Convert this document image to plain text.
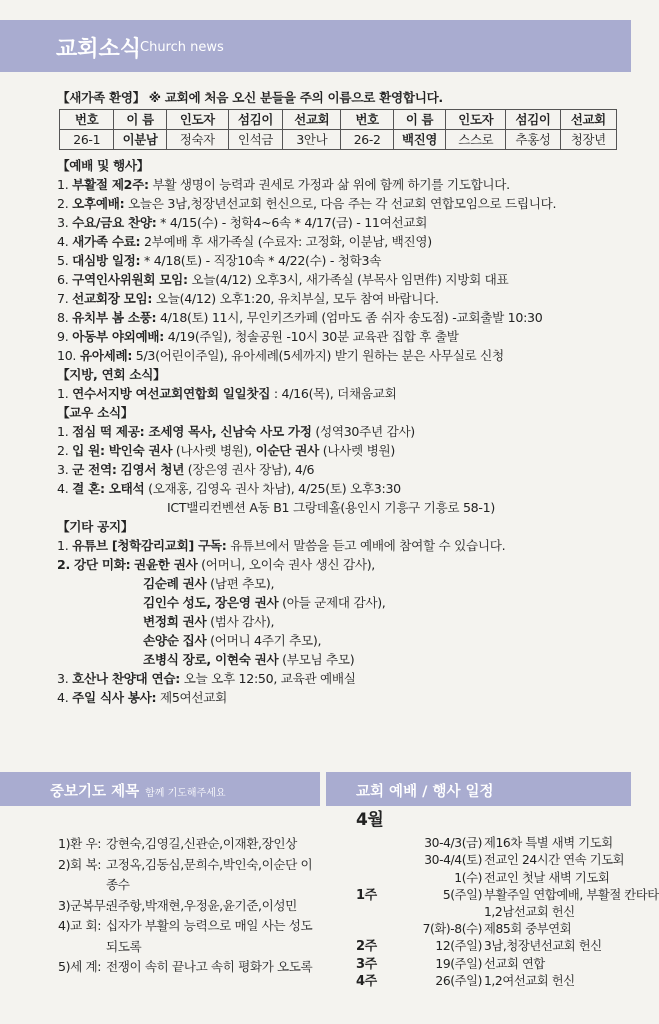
교회소식
Church news
【새가족 환영】 ※ 교회에 처음 오신 분들을 주의 이름으로 환영합니다.
번호	이 름	인도자	섬김이	선교회	번호	이 름	인도자	섬김이	선교회
26-1	이분남	정숙자	인석금	3안나	26-2	백진영	스스로	추홍성	청장년
【예배 및 행사】
1. 부활절 제2주: 부활 생명이 능력과 권세로 가정과 삶 위에 함께 하기를 기도합니다.
2. 오후예배: 오늘은 3남,청장년선교회 헌신으로, 다음 주는 각 선교회 연합모임으로 드립니다.
3. 수요/금요 찬양: * 4/15(수) - 청학4~6속 * 4/17(금) - 11여선교회
4. 새가족 수료: 2부예배 후 새가족실 (수료자: 고정화, 이분남, 백진영)
5. 대심방 일정: * 4/18(토) - 직장10속 * 4/22(수) - 청학3속
6. 구역인사위원회 모임: 오늘(4/12) 오후3시, 새가족실 (부목사 임면件) 지방회 대표
7. 선교회장 모임: 오늘(4/12) 오후1:20, 유치부실, 모두 참여 바랍니다.
8. 유치부 봄 소풍: 4/18(토) 11시, 무인키즈카페 (엄마도 좀 쉬자 송도점) -교회출발 10:30
9. 아동부 야외예배: 4/19(주일), 청솔공원 -10시 30분 교육관 집합 후 출발
10. 유아세례: 5/3(어린이주일), 유아세례(5세까지) 받기 원하는 분은 사무실로 신청
【지방, 연회 소식】
1. 연수서지방 여선교회연합회 일일찻집 : 4/16(목), 더채움교회
【교우 소식】
1. 점심 떡 제공: 조세영 목사, 신남숙 사모 가정 (성역30주년 감사)
2. 입 원: 박인숙 권사 (나사렛 병원), 이순단 권사 (나사렛 병원)
3. 군 전역: 김영서 청년 (장은영 권사 장남), 4/6
4. 결 혼: 오태석 (오재홍, 김영옥 권사 차남), 4/25(토) 오후3:30
ICT밸리컨벤션 A동 B1 그랑데홀(용인시 기흥구 기흥로 58-1)
【기타 공지】
1. 유튜브 [청학감리교회] 구독: 유튜브에서 말씀을 듣고 예배에 참여할 수 있습니다.
2. 강단 미화: 권윤한 권사 (어머니, 오이숙 권사 생신 감사),
김순례 권사 (남편 추모),
김인수 성도, 장은영 권사 (아들 군제대 감사),
변정희 권사 (범사 감사),
손양순 집사 (어머니 4주기 추모),
조병식 장로, 이현숙 권사 (부모님 추모)
3. 호산나 찬양대 연습: 오늘 오후 12:50, 교육관 예배실
4. 주일 식사 봉사: 제5여선교회
중보기도 제목 함께 기도해주세요	교회 예배 / 행사 일정
1)환 우: 강현숙,김영길,신관순,이재환,장인상
2)회 복: 고정옥,김동심,문희수,박인숙,이순단 이종수
3)군복무:
권주항,박재현,우정윤,윤기준,이성민
4)교 회: 십자가 부활의 능력으로 매일 사는 성도 되도록
5)세 계: 전쟁이 속히 끝나고 속히 평화가 오도록
4월
30-4/3(금) 제16차 특별 새벽 기도회
30-4/4(토) 전교인 24시간 연속 기도회
1(수) 전교인 첫날 새벽 기도회
1주	5(주일) 부활주일 연합예배, 부활절 칸타타
1,2남선교회 헌신
7(화)-8(수) 제85회 중부연회
2주	12(주일) 3남,청장년선교회 헌신
3주	19(주일) 선교회 연합
4주	26(주일) 1,2여선교회 헌신
